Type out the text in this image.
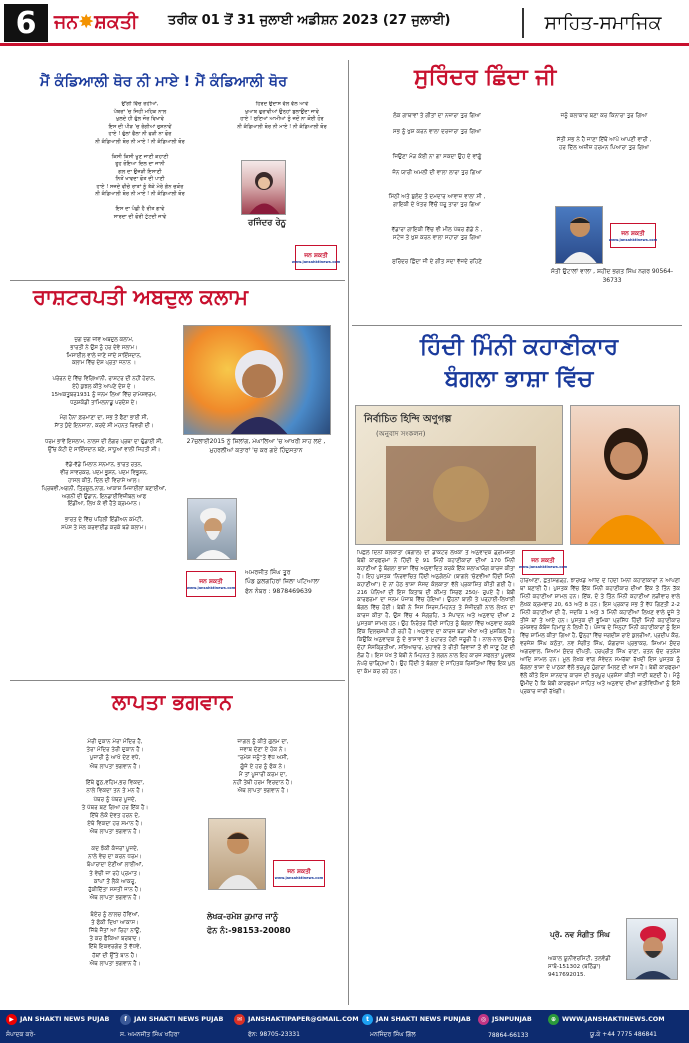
6 ਜਨ ✸ ਸ਼ਕਤੀ ਤਰੀਕ 01 ਤੋਂ 31 ਜੁਲਾਈ ਅਡੀਸ਼ਨ 2023 (27 ਜੁਲਾਈ)	ਸਾਹਿਤ-ਸਮਾਜਿਕ
ਮੈਂ ਕੰਡਿਆਲੀ ਥੋਰ ਨੀ ਮਾਏ ! ਮੈਂ ਕੰਡਿਆਲੀ ਥੋਰ
ਉੱਗੀ ਵਿੱਚ ਰੋਹੀਆਂ,
ਪੱਥਰਾਂ 'ਚ ਜਿਹੀ ਮਹਿਕ ਨਾਲ
ਖੁਲਦੇ ਹੀ ਫੁੱਲ ਜੋਰ ਵਿਖਾਵੇ
ਇਸ ਦੀ ਪੀੜ 'ਚ ਰੰਗੀਆਂ ਰੁਸ਼ਨਾਵੇਂ
ਹਾਏ ! ਫੁੱਲਾਂ ਫੈਲਾ ਨੀ ਫੜੀ ਨਾ ਫੋਰ
ਨੀ ਕੰਡਿਆਲੀ ਥੋਰ ਨੀ ਮਾਏ ! ਨੀ ਕੰਡਿਆਲੀ ਥੋਰ

ਕਿਸੀ ਕਿਸੀ ਖੂਣ ਜਾਣੀ ਕਹਾਣੀ
ਤੂਹ ਰੋਇਆ ਦਿਲ ਦਾ ਜਾਨੀ
ਗਲ ਦਾ ਉਜੜੀ ਇਸਾਣੀ
ਨਿਤੋਂ ਖਾਵਦਾ ਫੋਤ ਦੀ ਪਾਣੀ
ਹਾਏ ! ਸਜਦੇ ਵੀਚੇ ਰਾਤਾਂ ਨੂੰ ਤੱਕੇ ਮੇਰੇ ਗੰਨ ਚਕੋਰ
ਨੀ ਕੰਡਿਆਲੀ ਥੋਰ ਨੀ ਮਾਏ ! ਨੀ ਕੰਡਿਆਲੀ ਥੋਰ

ਇਸ ਦਾ ਪੰਛੀ ਹੈ ਰੀਤ ਗਾਵੇ
ਸਾਰਦਾ ਦੀ ਫੋਰੀ ਟੁੱਟਦੀ ਜਾਵੇ
ਹਿਰਦ ਉਦਾਸ ਵੱਲ ਵੱਲ ਆਵੇ
ਖੁਆਬ ਫੁਰਾਵੀਆਂ ਉਨ੍ਹਾਂ ਬੁਲਾਉਂਦਾ ਜਾਵੇ
ਹਾਏ ! ਸੁਣਿਆਂ ਆਮੀਆਂ ਨੂੰ ਜਦੋਂ ਨਾ ਕੋਈ ਹੋਰ
ਨੀ ਕੰਡਿਆਲੀ ਥੋਰ ਨੀ ਮਾਏ ! ਨੀ ਕੰਡਿਆਲੀ ਥੋਰ
ਰਜਿੰਦਰ ਰੇਨੂ
ਜਨ ਸ਼ਕਤੀ
www.jansahktinews.com
ਰਾਸ਼ਟਰਪਤੀ ਅਬਦੁਲ ਕਲਾਮ
ਜੁਗ ਜੁਗ ਜੀਵੇ ਅਬਦੁਲ ਕਲਾਮ,
ਭਾਰਤੀ ਨੇ ਉਸ ਨੂੰ ਹਰ ਦੇਵੇ ਸਲਾਮ।
ਮਿਸਾਈਲ ਵਾਲੇ ਜਾਣੇ ਜਾਂਦੇ ਸਾਇੰਸਦਾਨ,
ਕਲਾਮ ਵਿੱਚ ਦੇਸ਼ ਪ੍ਰਤਾ ਜਨਾਨ ।

ਪਰੇਰਨ ਦੇ ਵਿੱਚ ਵਿਗਿਆਨੀ, ਰਾਸ਼ਟਰ ਦੀ ਨਹੀਂ ਹੇਰਾਨ,
ਏਹੋ ਕੁਝਲ ਕੀਤੇ ਆਪਣੇ ਦੇਸ਼ ਦੇ ।
15ਅਕਤੂਬਰ1931 ਨੂੰ ਜਨਮ ਲਿਆ ਵਿੱਚ ਰਾਮੇਸ਼ਵਰਮ,
ਧਨੁਸ਼ਕੋਡੀ ਤਾਮਿਲਨਾਡੂ ਪਰਦੇਸ਼ ਦੇ।

ਮੰਗ ਹੈਨਾ ਫ਼ਰਮਾਣਾ ਦਾ, ਸਭ ਤੋਂ ਫੈਣਾ ਭਾਈ ਸੀ,
ਸਾੱਤ ਧੁੰਦੇ ਇਨਸਾਨਾ, ਕਰਦੇ ਸੀ ਮਹਨਤ ਰਿਵਰੀ ਦੀ।

ਧਰਮ ਭਾਵੇਂ ਇਸਲਾਮ, ਨਾਲਜ ਦੀ ਲੰਗਰ ਪ੍ਰਥਾ ਦਾ ਢੁੰਡਾਈ ਸੀ,
ਉੱਚ ਕੋਟੀ ਦੇ ਸਾਇੰਸਦਾਨ ਬਣੇ, ਸਾਧੂਆਂ ਵਾਲੀ ਜਿਹਤੀ ਸੀ।

ਵੱਡੇ-ਵੱਡੇ ਮਿਲਾਨ ਸਨਮਾਨ, ਭਾਰਤ ਰਤਨ,
ਵੀਰ ਸਾਵਰਕਰ, ਪਦਮ ਭੂਸ਼ਨ, ਪਦਮ ਵਿਭੂਸ਼ਨ,
ਹਾਸਲ ਕੀਤੇ, ਦਿਲ ਦੀ ਵਿਰਾਸੇ ਆਲ।
ਪ੍ਰਿਥਵੀ,ਅਗਨੀ, ਤ੍ਰਿਸ਼ੂਲ,ਨਾਗ, ਆਕਾਸ਼ ਮਿਜ਼ਾਈਲਾਂ ਬਣਾਈਆਂ,
ਅਗਨੀ ਦੀ ਉਡਾਨ, ਇਨਡਾਈਵਿਜ਼ੀਬਲ ਆਫ
ਇੰਡੀਆ, ਲਿਖ ਕੇ ਵੀ ਹੈਤੇ ਕ੍ਰਮਮਾਨ।

ਭਾਰਤ ਦੇ ਵਿੱਚ ਪਹਿਲੀ ਇੰਡੀਅਨ ਕਮੇਟੀ,
ਸਪੇਸ ਤੇ ਮੱਲ ਕਰਵਾਈਡ ਕਰਕੇ ਬੜੇ ਕਲਾਮ।
27ਜੁਲਾਈ2015 ਨੂੰ ਸ਼ਿਲਾਂਗ, ਮੇਘਾਲਿਆ 'ਚ ਆਖਰੀ ਸਾਹ ਲਏ , ਮੁਹਰਲੀਆਂ ਕਤਾਰਾਂ 'ਚ ਕਰ ਗਏ ਹਿੰਦੁਸਤਾਨ
ਅਮਰਜੀਤ ਸਿੰਘ ਤੂਰ
ਪਿੰਡ ਕੁਲਗਹਿਰਾਂ ਜ਼ਿਲਾ ਪਟਿਆਲਾ
ਫੋਨ ਨੰਬਰ : 9878469639
ਜਨ ਸ਼ਕਤੀ
www.jansahktinews.com
ਲਾਪਤਾ ਭਗਵਾਨ
ਮੇਰੀ ਦੁਕਾਨ ਮੇਰਾ ਮੰਦਿਰ ਹੈ,
ਤੇਰਾ ਮੰਦਿਰ ਤੇਰੀ ਦੁਕਾਨ ਹੈ।
ਪੁਜਾਰੀ ਨੂੰ ਆਖੋ ਦੇਣ ਵਧੇ,
ਐਥ ਲਾਪਤਾ ਭਗਵਾਨ ਹੈ।

ਇੱਥੇ ਫੂਠ,ਵਹਿਮ,ਭਰ ਵਿਕਦਾ,
ਨਾਲੇ ਵਿਕਦਾ ਤਨ ਤੇ ਮਨ ਹੈ।
ਪੱਥਰ ਨੂੰ ਪੱਥਰ ਪੂਜਦੇ,
ਤੇ ਪੱਥਰ ਬਣ ਗਿਆ ਹਰ ਇੱਕ ਹੈ।
ਇੱਥੇ ਲੋਕੋ ਦੇਵਤ ਹਰਨ ਦੇ,
ਏਥੇ ਵਿਕਦਾ ਹਰ ਸਮਾਨ ਹੈ।
ਐਥ ਲਾਪਤਾ ਭਗਵਾਨ ਹੈ।

ਕਦ ਝੋਕੀ ਕੰਜਰਾਂ ਪੂਜਦੇ,
ਨਾਲੇ ਵੇਚ ਦਾ ਕਰਨ ਧਰਮ।
ਬੋਪਾਰਾਦਾ ਏਣੀਆਂ ਲਾਈਆਂ,
ਤੇ ਵੇਚੀ ਜਾ ਰਹੇ ਪ੍ਰਮਾਤ।
ਕਾਂਪਾਂ ਤੋਂ ਲੈਕੇ ਆਕਰੂ,
ਹੁੱਕੀਦਿੱਤਾ ਸਸਤੀ ਜਾਨ ਹੈ।
ਐਥ ਲਾਪਤਾ ਭਗਵਾਨ ਹੈ।

ਬੋਏਰ ਨੂੰ ਲਾਲਚ ਹੱਵਿਆਂ,
ਤੇ ਫੋਕੀ ਦਿਖਾ ਆਕਾਸ।
ਜਿੱਥੇ ਜੈਤਾਂ ਆ ਰਿਹਾ ਨਾਊਂ,
ਤੇ ਕਰ ਫੈਕਿਆ ਬਰਬਾਦ।
ਇੱਥੇ ਇਕਵਰਗੇਰ ਤੋਂ ਵੱਧਵੇ,
ਹੱਥਾਂ ਦੀ ਉੱਤੇ ਬਾਨ ਹੈ।
ਐਥ ਲਾਪਤਾ ਭਗਵਾਨ ਹੈ।
ਜਾਗਲ ਨੂੰ ਕੀਤੇ ਗੁਲਮ ਦਾ,
ਜਵਾਬ ਦੇਣਾ ਏ ਹੋਕ ਨੇ।
"ਰਮੇਸ਼ ਜਨੂੰ"ਤੇ ਵੱਧ ਅਸੀਂ,
ਗੂੰਜੇ ਏ ਹਰ ਨੂੰ ਫੋਕ ਨੇ।
ਮੈਂ ਤਾਂ ਪੂਜਾਰੀ ਕਰਮ ਦਾ,
ਨਹੀਂ ਤੇਥੀ ਹਰਮ ਵਿਰਦਾਨ ਹੈ।
ਐਥ ਲਾਪਤਾ ਭਗਵਾਨ ਹੈ।
ਜਨ ਸ਼ਕਤੀ
www.jansahktinews.com
ਲੇਖਕ-ਰਮੇਸ਼ ਕੁਮਾਰ ਜਾਨੂੰ
ਫੋਨ ਨੰ:-98153-20080
ਸੁਰਿੰਦਰ ਛਿੰਦਾ ਜੀ
ਲੋਕ ਗਾਥਾਵਾਂ ਤੇ ਗੀਤਾਂ ਦਾ ਨਜ਼ਾਰਾ ਤੁਰ ਗਿਆ

ਸਭ ਨੂੰ ਖੁਸ਼ ਕਰਨ ਵਾਲਾ ਦਰਜਾਰਾ ਤੁਰ ਗਿਆ

ਜਿਉਣਾ ਮੋੜ ਕੋਈ ਨਾ ਗਾ ਸਕਦਾ ਉਹ ਦੇ ਵਾਂਗੂੰ

ਜੰਨ ਯਾਰੀ ਅਮਲੀ ਦੀ ਵਾਲਾ ਲਾਰਾ ਤੁਰ ਗਿਆ

ਮਿੱਠੀ ਅਤੇ ਬੁਲੰਦ ਤੋ ਦਮਦਾਰ ਆਵਾਜ਼ ਵਾਲਾ ਸੀ ,
ਗਾਇਕੀ ਦੇ ਖੇਤਰ ਵਿੱਚੋਂ ਧਰੂ ਤਾਰਾ ਤੁਰ ਗਿਆ

ਵੱਡਾਰਾ ਗਾਇਕੀ ਵਿੱਚ ਵੀ ਮੀਲ ਪੱਥਰ ਗੱਡੇ ਨੇ ,
ਸਟੇਜ ਤੇ ਖੁਸ਼ ਕਰਨ ਵਾਲਾ ਸਹਾਰਾ ਤੁਰ ਗਿਆ

ਸੁਰਿੰਦਰ ਛਿੰਦਾ ਜੀ ਦੇ ਗੀਤ ਸਦਾ ਵੱਜਦੇ ਰਹਿਣੇ
ਜਨੂੰ ਕਲਾਕਾਰ ਬਣਾ ਕਰ ਕਿਨਾਰਾ ਤੁਰ ਗਿਆ

ਸੱਤੀ ਸਭ ਨੇ ਹੈ ਜਾਣਾ ਇੱਥੋਂ ਆਪੋ ਆਪਣੀ ਵਾਰੀ ,
ਹਰ ਦਿੱਲ ਅਜ਼ੀਜ਼ ਹਰਮਨ ਪਿਆਰਾ ਤੁਰ ਗਿਆ
ਜਨ ਸ਼ਕਤੀ
www.jansahktinews.com
ਸੱਤੀ ਉਟਾਲਾਂ ਵਾਲਾ , ਸ਼ਹੀਦ ਭਗਤ ਸਿੰਘ ਨਗਰ 90564-36733
ਹਿੰਦੀ ਮਿੰਨੀ ਕਹਾਣੀਕਾਰ
ਬੰਗਲਾ ਭਾਸ਼ਾ ਵਿੱਚ
নির্বাচিত হিন্দি অণুগল্প
(অনুবাদ সংকলন)
ਪਿਛਲੇ ਦਿਨੀਂ ਕੋਲਕਾਤਾ (ਬੰਗਾਲ) ਦੀ ਡਾਕਟਰ ਲੇਖਕਾ ਤੇ ਅਨੁਵਾਦਕ ਡ੍ਰਮਿਸ਼ਤੀ ਬੇਬੀ ਕਾਰਫਰਮਾ ਨੇ ਹਿੰਦੀ ਦੇ 91 ਮਿੰਨੀ ਕਹਾਣੀਕਾਰਾਂ ਦੀਆਂ 170 ਮਿੰਨੀ ਕਹਾਣੀਆਂ ਨੂੰ ਬੰਗਲਾ ਭਾਸ਼ਾ ਵਿੱਚ ਅਨੁਵਾਦਿਤ ਕਰਕੇ ਇੱਕ ਸ਼ਲਾਘਾਯੋਗ ਕਾਰਜ ਕੀਤਾ ਹੈ। ਇਹ ਪੁਸਤਕ 'ਨਿਰਵਾਚਿਤ ਹਿੰਦੀ ਅਨੁਗੋਲਪੋ' (ਬਾਗਲੇ 'ਚੋਣਵੀਆਂ ਹਿੰਦੀ ਮਿੰਨੀ ਕਹਾਣੀਆਂ') ਦੇ ਨਾਂ ਹੇਠ ਭਾਸ਼ਾ ਸੰਸਦ ਕੋਲਕਾਤਾ ਵੱਲੋਂ ਪ੍ਰਕਾਸ਼ਿਤ ਕੀਤੀ ਗਈ ਹੈ। 216 ਪੰਨਿਆਂ ਦੀ ਇਸ ਕਿਤਾਬ ਦੀ ਕੀਮਤ ਸਿਰਫ 250/- ਰੁਪਏ ਹੈ। ਬੇਬੀ ਕਾਰਫਰਮਾ ਦਾ ਜਨਮ ਪੰਜਾਬ ਵਿੱਚ ਹੋਇਆ। ਉਹਨਾਂ ਬਾਲੀ ਤੇ ਪਰ੍ਹਾਈ-ਲਿਖਾਈ ਬੰਗਲ ਵਿੱਚ ਹੋਈ। ਬੇਬੀ ਨੇ ਜਿਸ ਸਿਰਜ,ਮਿਹਨਤ ਤੇ ਸੰਜੀਦਗੀ ਨਾਲ ਲੇਖਨ ਦਾ ਕਾਰਜ ਕੀਤਾ ਹੈ, ਉਸ ਵਿੱਚ 4 ਸੰਗ੍ਰਹਿ, 3 ਸੰਪਾਦਨ ਅਤੇ ਅਨੁਵਾਦ ਦੀਆਂ 2 ਪੁਸਤਕਾਂ ਸ਼ਾਮਲ ਹਨ। ਉਹ ਨਿਰੰਤਰ ਹਿੰਦੀ ਸਾਹਿਤ ਨੂੰ ਬੰਗਲਾ ਵਿੱਚ ਅਨੁਵਾਦ ਕਰਕੇ ਇੱਕ ਦਿਲਚਸਪੀ ਹੀ ਰਹੀ ਹੈ। ਅਨੁਵਾਦ ਦਾ ਕਾਰਜ ਬੜਾ ਔਖਾ ਅਤੇ ਮੁਸ਼ਕਿਲ ਹੈ। ਕਿਉਂਕਿ ਅਨੁਵਾਦਕ ਨੂੰ ਦੋ ਭਾਸ਼ਾਵਾਂ ਤੇ ਮੁਹਾਰਤ ਹੋਣੀ ਜਰੂਰੀ ਹੈ। ਨਾਲ-ਨਾਲ ਉਸਨੂੰ ਦੋਹਾਂ ਸੰਸਕ੍ਰਿਤੀਆਂ, ਸਭਿਆਚਾਰ, ਮੁਹਾਵਰੇ ਤੇ ਰੀਤੀ ਰਿਵਾਜਾਂ ਤੋਂ ਵੀ ਜਾਣੂ ਹੋਣ ਦੀ ਲੋੜ ਹੈ। ਇਸ ਪੱਖ ਤੋਂ ਬੇਬੀ ਨੇ ਮਿਹਨਤ ਤੇ ਲਗਨ ਨਾਲ ਇਹ ਕਾਰਜ ਸਫਲਤਾ ਪੂਰਵਕ ਨੇਪਰੇ ਚਾੜ੍ਹਿਆ ਹੈ। ਉਹ ਹਿੰਦੀ ਤੇ ਬੰਗਲਾ ਦੇ ਸਾਹਿਤਕ ਰਿਸ਼ਤਿਆਂ ਵਿੱਚ ਇਕ ਪੁਲ ਦਾ ਕੰਮ ਕਰ ਰਹੇ ਹਨ।
ਜਨ ਸ਼ਕਤੀ
www.jansahktinews.com
ਹਰਿਆਣਾ, ਛਤੀਸਗੜ੍ਹ, ਝਾਰਖੰਡ ਆਦਿ ਦੇ ਹਿੰਦੀ ਮਿੰਨੀ ਕਹਾਣੀਕਾਰਾਂ ਨੇ ਆਪਣੀ ਥਾਂ ਬਣਾਈ ਹੈ। ਪੁਸਤਕ ਵਿੱਚ ਇੱਕ ਮਿੰਨੀ ਕਹਾਣੀਕਾਰ ਦੀਆਂ ਇੱਕ ਤੋਂ ਤਿੰਨ ਤੱਕ ਮਿੰਨੀ ਕਹਾਣੀਆਂ ਸ਼ਾਮਲ ਹਨ। ਇੱਕ, ਦੋ ਤੇ ਤਿੰਨ ਮਿੰਨੀ ਕਹਾਣੀਆਂ ਲੜੀਵਾਰ ਵਾਲੇ ਲੇਖਕ ਕ੍ਰਮਵਾਰ 20, 63 ਅਤੇ 8 ਹਨ। ਇਸ ਪ੍ਰਕਾਰ ਸਭ ਤੋਂ ਵੱਧ ਗਿਣਤੀ 2-2 ਮਿੰਨੀ ਕਹਾਣੀਆਂ ਦੀ ਹੈ, ਜਦਕਿ 1 ਅਤੇ 3 ਮਿੰਨੀ ਕਹਾਣੀਆਂ ਲਿਖਣ ਵਾਲੇ ਦੂਜੇ ਤੇ ਤੀਜੇ ਥਾਂ ਤੇ ਆਏ ਹਨ। ਪੁਸਤਕ ਦੀ ਭੂਮਿਕਾ ਪ੍ਰਸਿੱਧ ਹਿੰਦੀ ਮਿੰਨੀ ਕਹਾਣੀਕਾਰ ਰਮੇਸ਼ਵਰ ਕੰਬੋਜ ਹਿਮਾਂਸ਼ੂ ਨੇ ਲਿਖੀ ਹੈ। ਪੰਜਾਬ ਦੇ ਜਿਨ੍ਹਾਂ ਮਿੰਨੀ ਕਹਾਣੀਕਾਰਾਂ ਨੂੰ ਇਸ ਵਿੱਚ ਸ਼ਾਮਿਲ ਕੀਤਾ ਗਿਆ ਹੈ, ਉਨ੍ਹਾਂ ਵਿੱਚ ਜਗਦੀਸ਼ ਰਾਏ ਕੁਲਰੀਆਂ, ਪ੍ਰਦੀਪ ਕੌਰ, ਵਰਜੇਸ਼ ਸਿੰਘ ਕਠੋਤਾ, ਨਵ ਸੰਗੀਤ ਸਿੰਘ, ਯੋਗਰਾਜ ਪ੍ਰਭਾਕਰ, ਸ਼ਿਆਮ ਸੁੰਦਰ ਅਗਰਵਾਲ, ਸ਼ਿਆਮ ਸੁੰਦਰ ਦੀਪਤੀ, ਹਰਪ੍ਰੀਤ ਸਿੰਘ ਰਾਣਾ, ਰਤਨ ਚੰਦ ਰਤਨੇਸ਼ ਆਦਿ ਸ਼ਾਮਲ ਹਨ। ਮੂਲ ਲੇਖਕ ਵਾਂਗ ਸੰਵੇਦਨ ਸਮਰੱਥਾ ਰੱਖਦੀ ਇਸ ਪੁਸਤਕ ਨੂੰ ਬੰਗਲਾ ਭਾਸ਼ਾ ਦੇ ਪਾਠਕਾਂ ਵੱਲੋਂ ਭਰਪੂਰ ਹੁੰਗਾਰਾ ਮਿਲਣ ਦੀ ਆਸ ਹੈ। ਬੇਬੀ ਕਾਰਫਰਮਾ ਵੱਲੋਂ ਕੀਤੇ ਇਸ ਸ਼ਾਨਦਾਰ ਕਾਰਜ ਦੀ ਭਰਪੂਰ ਪ੍ਰਸ਼ੰਸਾ ਕੀਤੀ ਜਾਣੀ ਬਣਦੀ ਹੈ। ਮੈਨੂੰ ਉਮੀਦ ਹੈ ਕਿ ਬੇਬੀ ਕਾਰਫਰਮਾ ਸਾਹਿਤ ਅਤੇ ਅਨੁਵਾਦ ਦੀਆਂ ਗਤੀਵਿਧੀਆਂ ਨੂੰ ਇਸੇ ਪ੍ਰਕਾਰ ਜਾਰੀ ਰੱਖੇਗੀ।
ਪ੍ਰੋ. ਨਵ ਸੰਗੀਤ ਸਿੰਘ
ਅਕਾਲ ਯੂਨੀਵਰਸਿਟੀ, ਤਲਵੰਡੀ ਸਾਬੋ-151302 (ਬਠਿੰਡਾ) 9417692015.
▶ JAN SHAKTI NEWS PUJAB	f	JAN SHAKTI NEWS PUJAB	✉ JANSHAKTIPAPER@GMAIL.COM	t	JAN SHAKTI NEWS PUNJAB	◎ JSNPUNJAB	⊕ WWW.JANSHAKTINEWS.COM
ਸੰਪਾਦਕ ਕਰੇ-	ਸ. ਅਮਨਜੀਤ ਸਿੰਘ ਖਹਿਰਾ	ਫੋਨ: 98705-23331	ਮਨਜਿੰਦਰ ਸਿੰਘ ਗਿੱਲ	78864-66133	ਯੂ.ਕੇ +44 7775 486841
